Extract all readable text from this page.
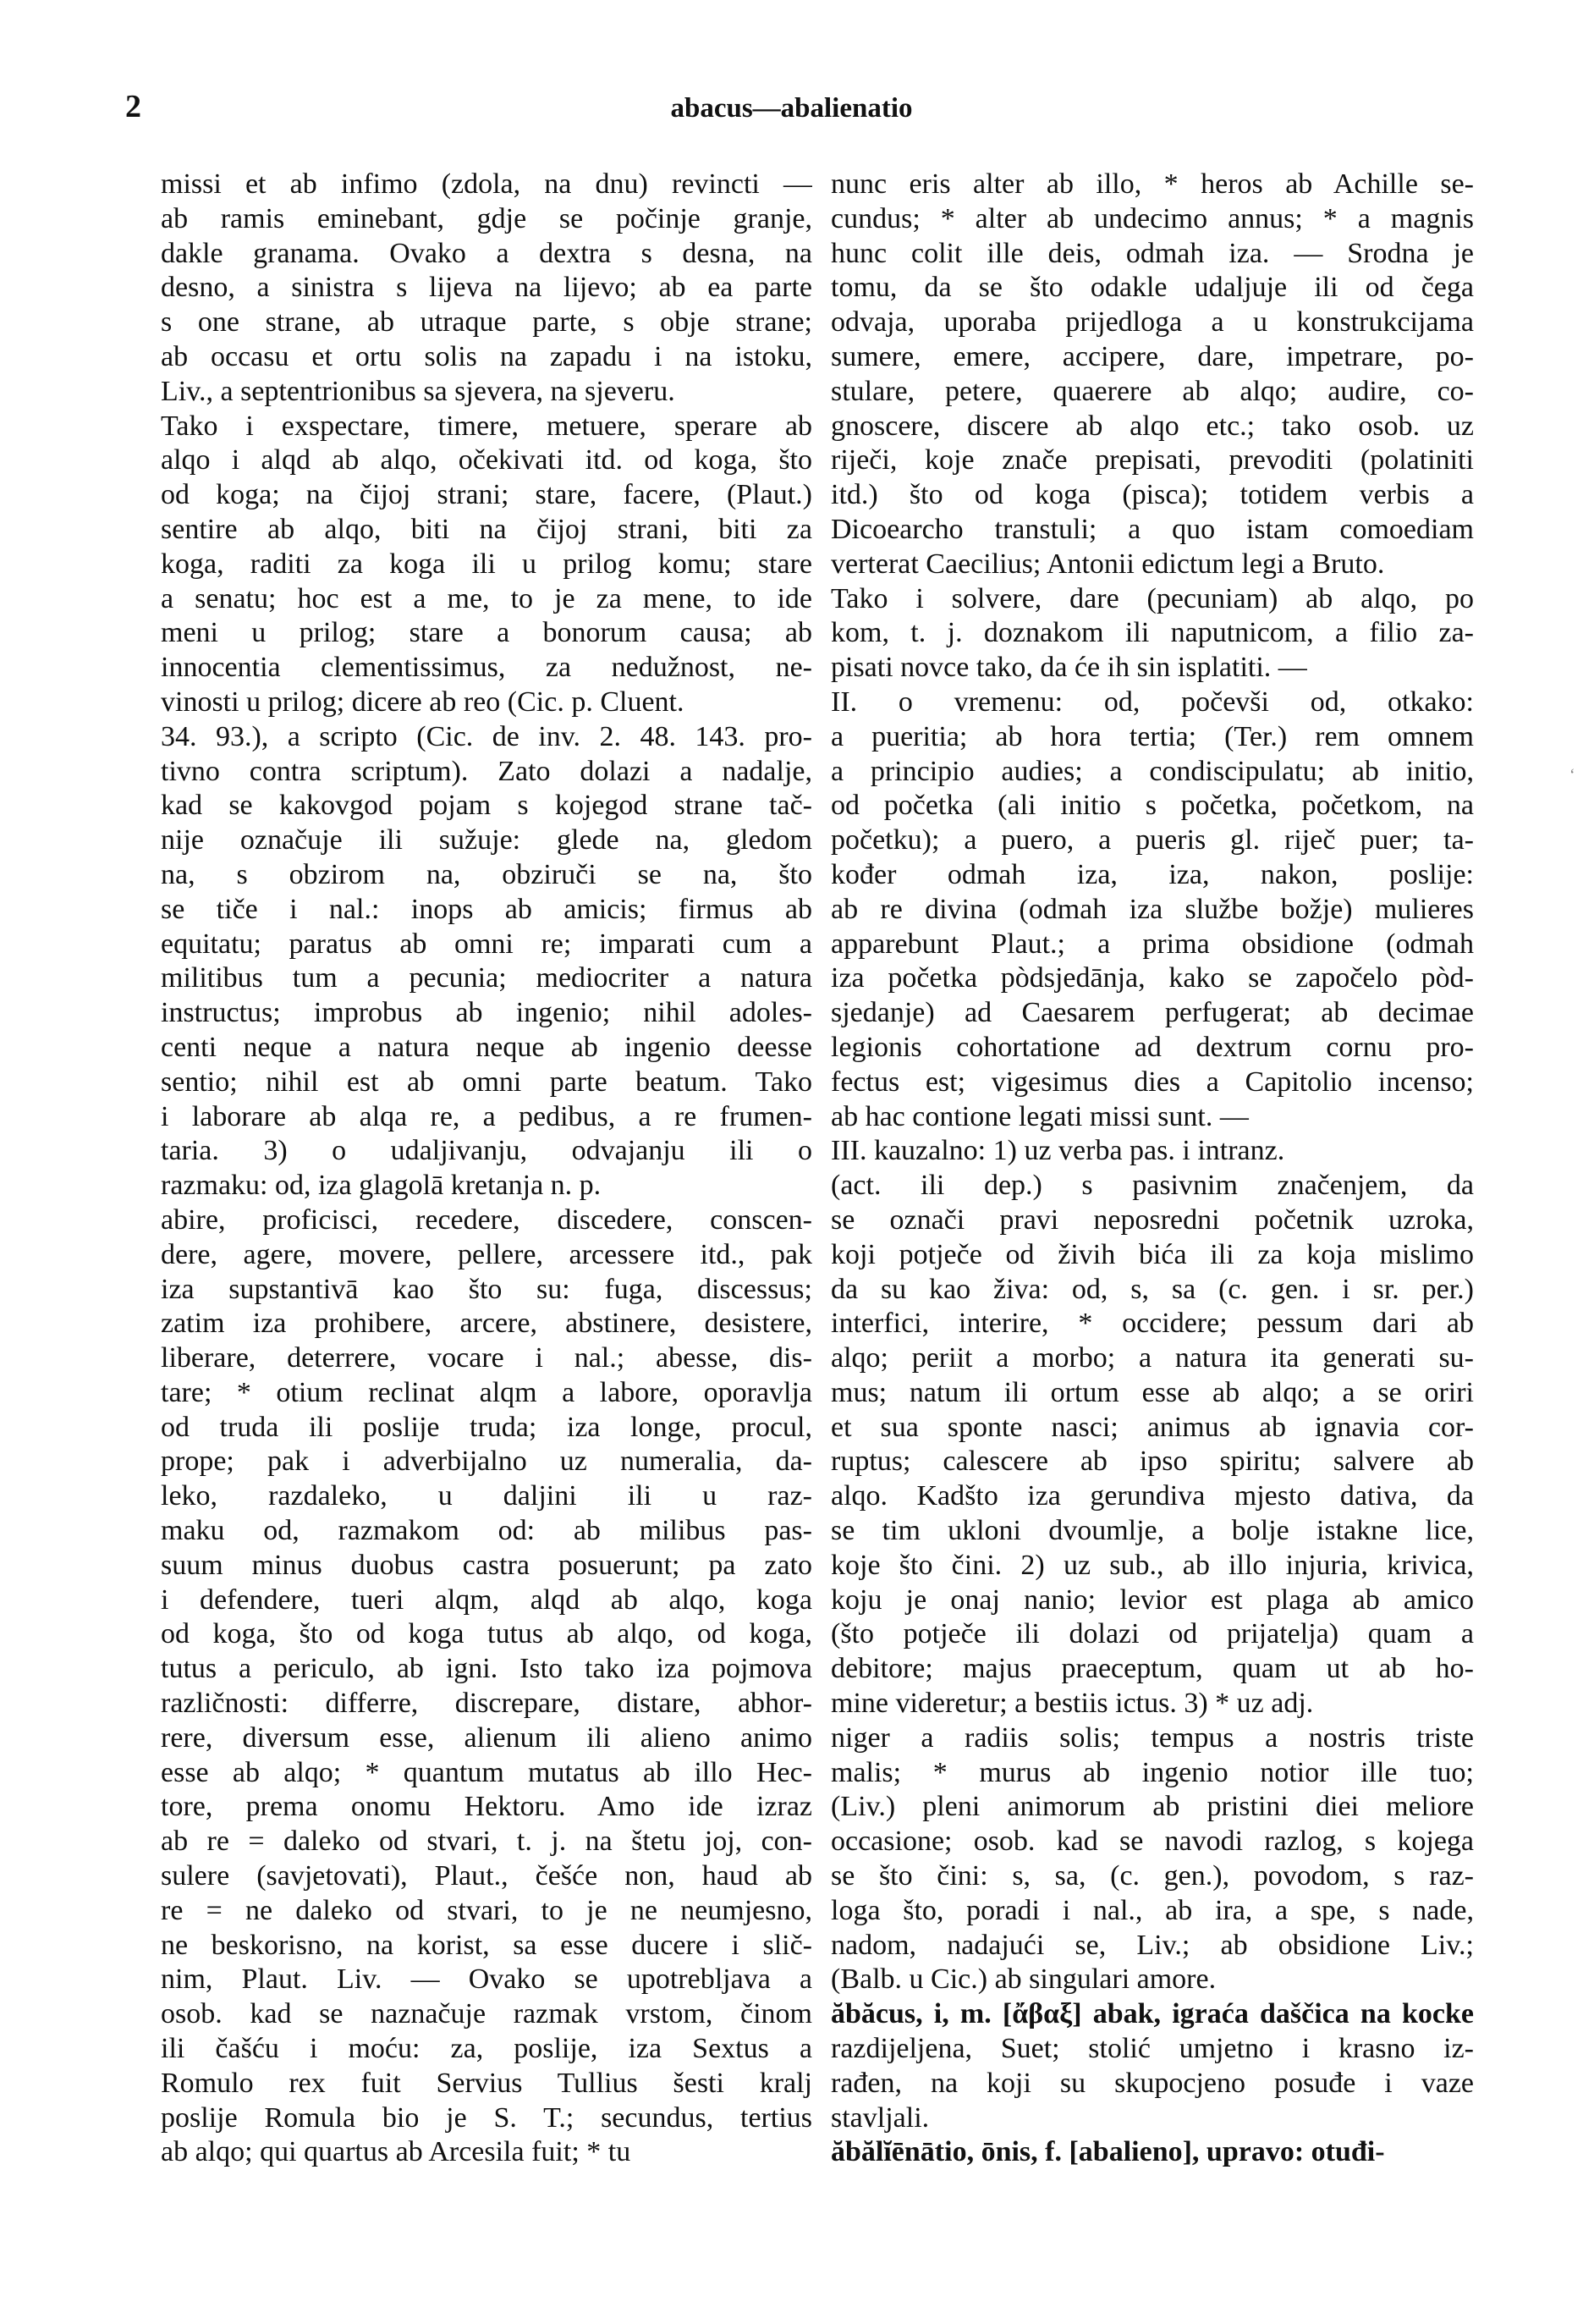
2	abacus—abalienatio
missi et ab infimo (zdola, na dnu) revincti —
ab ramis eminebant, gdje se počinje granje,
dakle granama. Ovako a dextra s desna, na
desno, a sinistra s lijeva na lijevo; ab ea parte
s one strane, ab utraque parte, s obje strane;
ab occasu et ortu solis na zapadu i na istoku,
Liv., a septentrionibus sa sjevera, na sjeveru.
Tako i exspectare, timere, metuere, sperare ab
alqo i alqd ab alqo, očekivati itd. od koga, što
od koga; na čijoj strani; stare, facere, (Plaut.)
sentire ab alqo, biti na čijoj strani, biti za
koga, raditi za koga ili u prilog komu; stare
a senatu; hoc est a me, to je za mene, to ide
meni u prilog; stare a bonorum causa; ab
innocentia clementissimus, za nedužnost, ne-
vinosti u prilog; dicere ab reo (Cic. p. Cluent.
34. 93.), a scripto (Cic. de inv. 2. 48. 143. pro-
tivno contra scriptum). Zato dolazi a nadalje,
kad se kakovgod pojam s kojegod strane tač-
nije označuje ili sužuje: glede na, gledom
na, s obzirom na, obziruči se na, što
se tiče i nal.: inops ab amicis; firmus ab
equitatu; paratus ab omni re; imparati cum a
militibus tum a pecunia; mediocriter a natura
instructus; improbus ab ingenio; nihil adoles-
centi neque a natura neque ab ingenio deesse
sentio; nihil est ab omni parte beatum. Tako
i laborare ab alqa re, a pedibus, a re frumen-
taria. 3) o udaljivanju, odvajanju ili o
razmaku: od, iza glagolā kretanja n. p.
abire, proficisci, recedere, discedere, conscen-
dere, agere, movere, pellere, arcessere itd., pak
iza supstantivā kao što su: fuga, discessus;
zatim iza prohibere, arcere, abstinere, desistere,
liberare, deterrere, vocare i nal.; abesse, dis-
tare; * otium reclinat alqm a labore, oporavlja
od truda ili poslije truda; iza longe, procul,
prope; pak i adverbijalno uz numeralia, da-
leko, razdaleko, u daljini ili u raz-
maku od, razmakom od: ab milibus pas-
suum minus duobus castra posuerunt; pa zato
i defendere, tueri alqm, alqd ab alqo, koga
od koga, što od koga tutus ab alqo, od koga,
tutus a periculo, ab igni. Isto tako iza pojmova
različnosti: differre, discrepare, distare, abhor-
rere, diversum esse, alienum ili alieno animo
esse ab alqo; * quantum mutatus ab illo Hec-
tore, prema onomu Hektoru. Amo ide izraz
ab re = daleko od stvari, t. j. na štetu joj, con-
sulere (savjetovati), Plaut., češće non, haud ab
re = ne daleko od stvari, to je ne neumjesno,
ne beskorisno, na korist, sa esse ducere i slič-
nim, Plaut. Liv. — Ovako se upotrebljava a
osob. kad se naznačuje razmak vrstom, činom
ili čašću i moću: za, poslije, iza Sextus a
Romulo rex fuit Servius Tullius šesti kralj
poslije Romula bio je S. T.; secundus, tertius
ab alqo; qui quartus ab Arcesila fuit; * tu
nunc eris alter ab illo, * heros ab Achille se-
cundus; * alter ab undecimo annus; * a magnis
hunc colit ille deis, odmah iza. — Srodna je
tomu, da se što odakle udaljuje ili od čega
odvaja, uporaba prijedloga a u konstrukcijama
sumere, emere, accipere, dare, impetrare, po-
stulare, petere, quaerere ab alqo; audire, co-
gnoscere, discere ab alqo etc.; tako osob. uz
riječi, koje znače prepisati, prevoditi (polatiniti
itd.) što od koga (pisca); totidem verbis a
Dicoearcho transtuli; a quo istam comoediam
verterat Caecilius; Antonii edictum legi a Bruto.
Tako i solvere, dare (pecuniam) ab alqo, po
kom, t. j. doznakom ili naputnicom, a filio za-
pisati novce tako, da će ih sin isplatiti. —
II. o vremenu: od, počevši od, otkako:
a pueritia; ab hora tertia; (Ter.) rem omnem
a principio audies; a condiscipulatu; ab initio,
od početka (ali initio s početka, početkom, na
početku); a puero, a pueris gl. riječ puer; ta-
kođer odmah iza, iza, nakon, poslije:
ab re divina (odmah iza službe božje) mulieres
apparebunt Plaut.; a prima obsidione (odmah
iza početka pòdsjedānja, kako se započelo pòd-
sjedanje) ad Caesarem perfugerat; ab decimae
legionis cohortatione ad dextrum cornu pro-
fectus est; vigesimus dies a Capitolio incenso;
ab hac contione legati missi sunt. —
III. kauzalno: 1) uz verba pas. i intranz.
(act. ili dep.) s pasivnim značenjem, da
se označi pravi neposredni početnik uzroka,
koji potječe od živih bića ili za koja mislimo
da su kao živa: od, s, sa (c. gen. i sr. per.)
interfici, interire, * occidere; pessum dari ab
alqo; periit a morbo; a natura ita generati su-
mus; natum ili ortum esse ab alqo; a se oriri
et sua sponte nasci; animus ab ignavia cor-
ruptus; calescere ab ipso spiritu; salvere ab
alqo. Kadšto iza gerundiva mjesto dativa, da
se tim ukloni dvoumlje, a bolje istakne lice,
koje što čini. 2) uz sub., ab illo injuria, krivica,
koju je onaj nanio; levior est plaga ab amico
(što potječe ili dolazi od prijatelja) quam a
debitore; majus praeceptum, quam ut ab ho-
mine videretur; a bestiis ictus. 3) * uz adj.
niger a radiis solis; tempus a nostris triste
malis; * murus ab ingenio notior ille tuo;
(Liv.) pleni animorum ab pristini diei meliore
occasione; osob. kad se navodi razlog, s kojega
se što čini: s, sa, (c. gen.), povodom, s raz-
loga što, poradi i nal., ab ira, a spe, s nade,
nadom, nadajući se, Liv.; ab obsidione Liv.;
(Balb. u Cic.) ab singulari amore.
ăbăcus, i, m. [ἄβαξ] abak, igraća daščica na kocke
razdijeljena, Suet; stolić umjetno i krasno iz-
rađen, na koji su skupocjeno posuđe i vaze
stavljali.
ăbălĭēnātio, ōnis, f. [abalieno], upravo: otuđi-
‘
